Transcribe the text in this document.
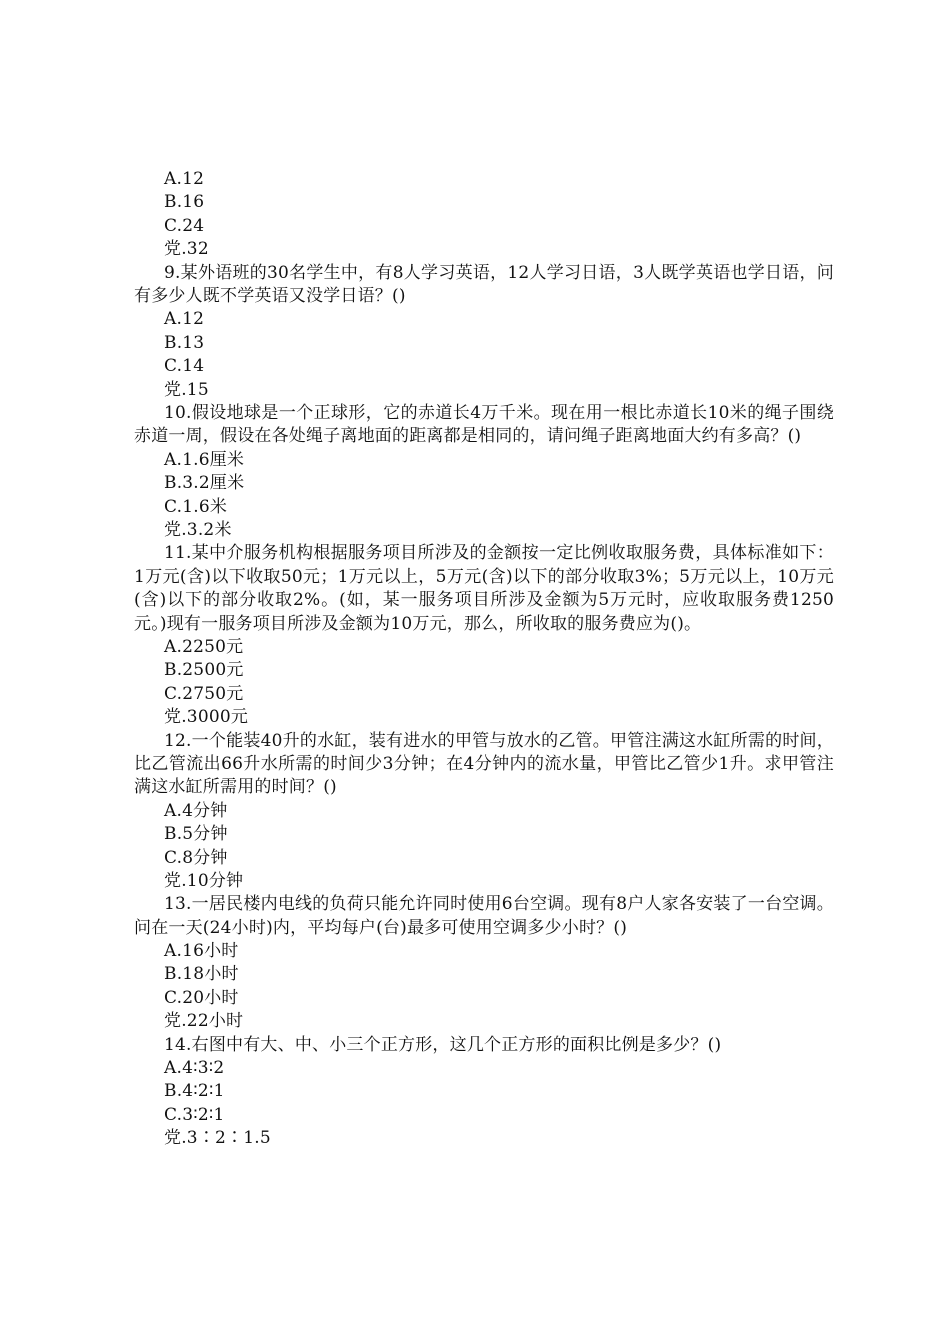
A.12
B.16
C.24
党.32
9.某外语班的30名学生中，有8人学习英语，12人学习日语，3人既学英语也学日语，问有多少人既不学英语又没学日语？()
A.12
B.13
C.14
党.15
10.假设地球是一个正球形，它的赤道长4万千米。现在用一根比赤道长10米的绳子围绕赤道一周，假设在各处绳子离地面的距离都是相同的，请问绳子距离地面大约有多高？()
A.1.6厘米
B.3.2厘米
C.1.6米
党.3.2米
11.某中介服务机构根据服务项目所涉及的金额按一定比例收取服务费，具体标准如下：1万元(含)以下收取50元；1万元以上，5万元(含)以下的部分收取3%；5万元以上，10万元(含)以下的部分收取2%。(如，某一服务项目所涉及金额为5万元时，应收取服务费1250元。)现有一服务项目所涉及金额为10万元，那么，所收取的服务费应为()。
A.2250元
B.2500元
C.2750元
党.3000元
12.一个能装40升的水缸，装有进水的甲管与放水的乙管。甲管注满这水缸所需的时间，比乙管流出66升水所需的时间少3分钟；在4分钟内的流水量，甲管比乙管少1升。求甲管注满这水缸所需用的时间？()
A.4分钟
B.5分钟
C.8分钟
党.10分钟
13.一居民楼内电线的负荷只能允许同时使用6台空调。现有8户人家各安装了一台空调。问在一天(24小时)内，平均每户(台)最多可使用空调多少小时？()
A.16小时
B.18小时
C.20小时
党.22小时
14.右图中有大、中、小三个正方形，这几个正方形的面积比例是多少？()
A.4∶3∶2
B.4∶2∶1
C.3∶2∶1
党.3∶2∶1.5
